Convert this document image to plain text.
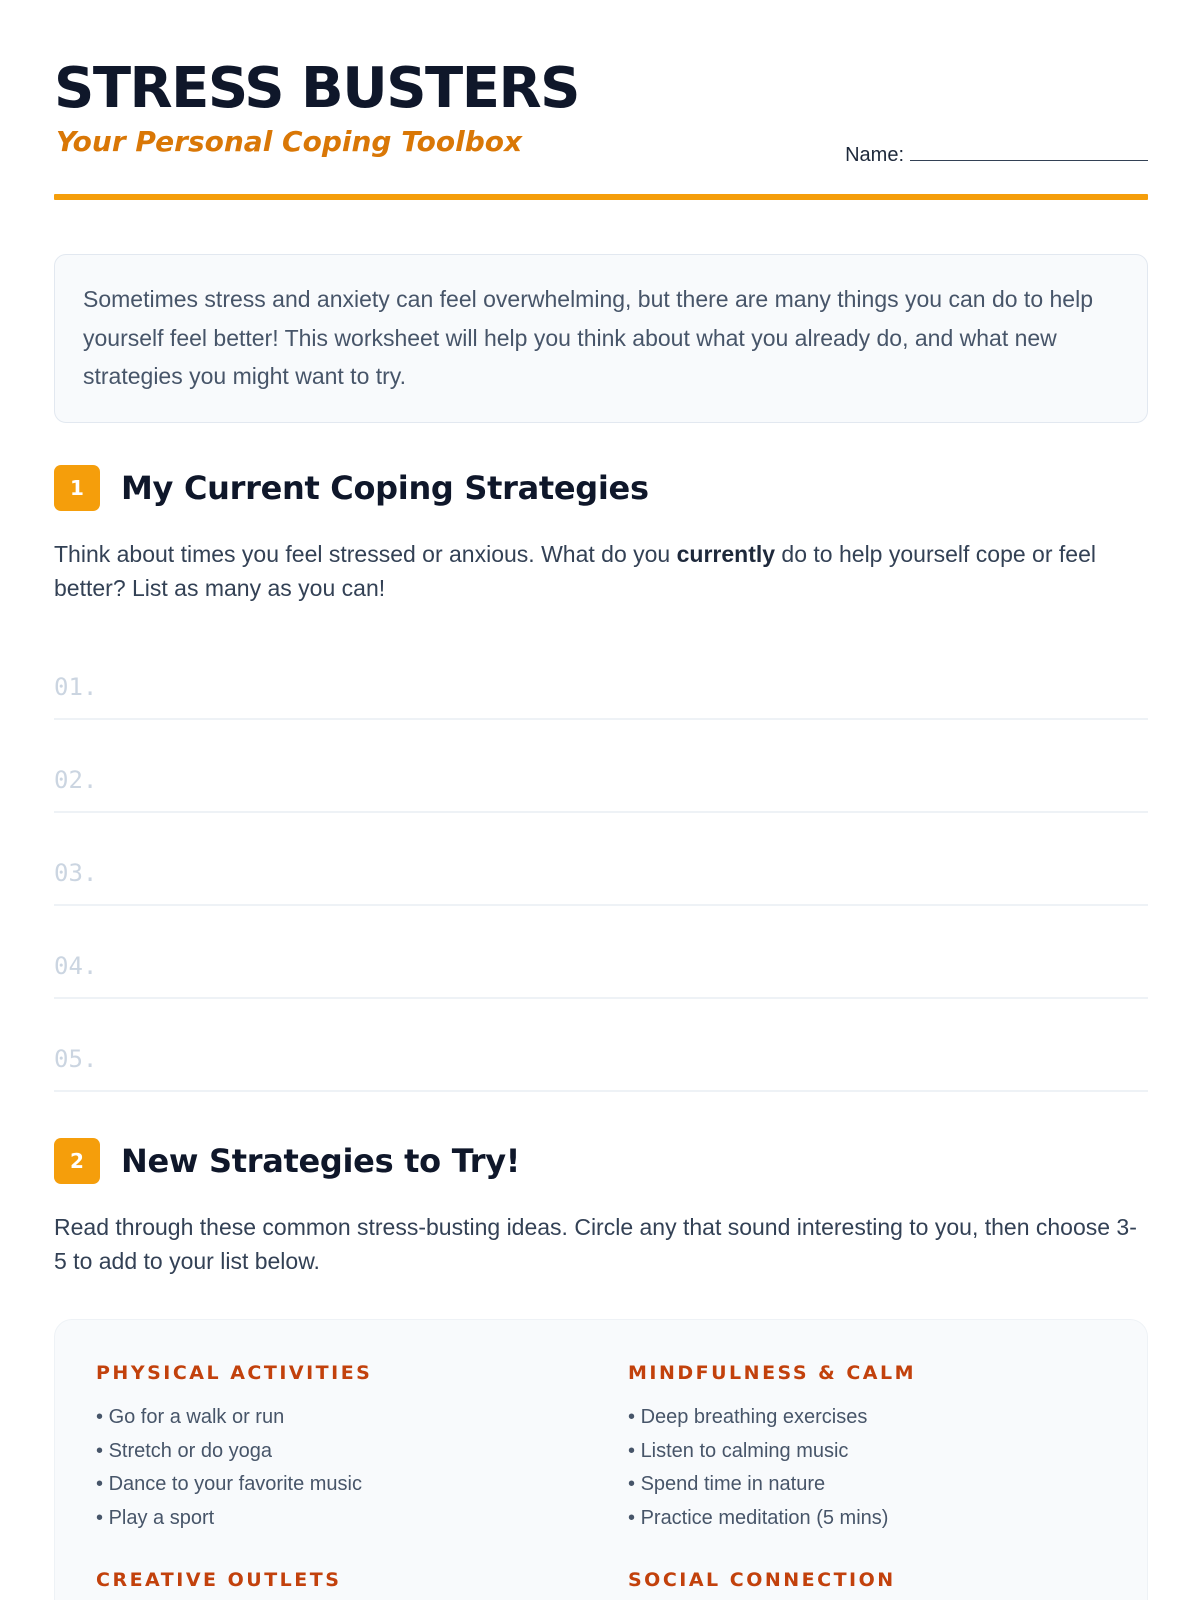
STRESS BUSTERS
Your Personal Coping Toolbox	Name:

Sometimes stress and anxiety can feel overwhelming, but there are many things you can do to help yourself feel better! This worksheet will help you think about what you already do, and what new strategies you might want to try.

1	My Current Coping Strategies

Think about times you feel stressed or anxious. What do you currently do to help yourself cope or feel better? List as many as you can!

01.
02.
03.
04.
05.
2	New Strategies to Try!

Read through these common stress-busting ideas. Circle any that sound interesting to you, then choose 3-5 to add to your list below.

PHYSICAL ACTIVITIES
• Go for a walk or run
• Stretch or do yoga
• Dance to your favorite music
• Play a sport
MINDFULNESS & CALM
• Deep breathing exercises
• Listen to calming music
• Spend time in nature
• Practice meditation (5 mins)
CREATIVE OUTLETS	SOCIAL CONNECTION
